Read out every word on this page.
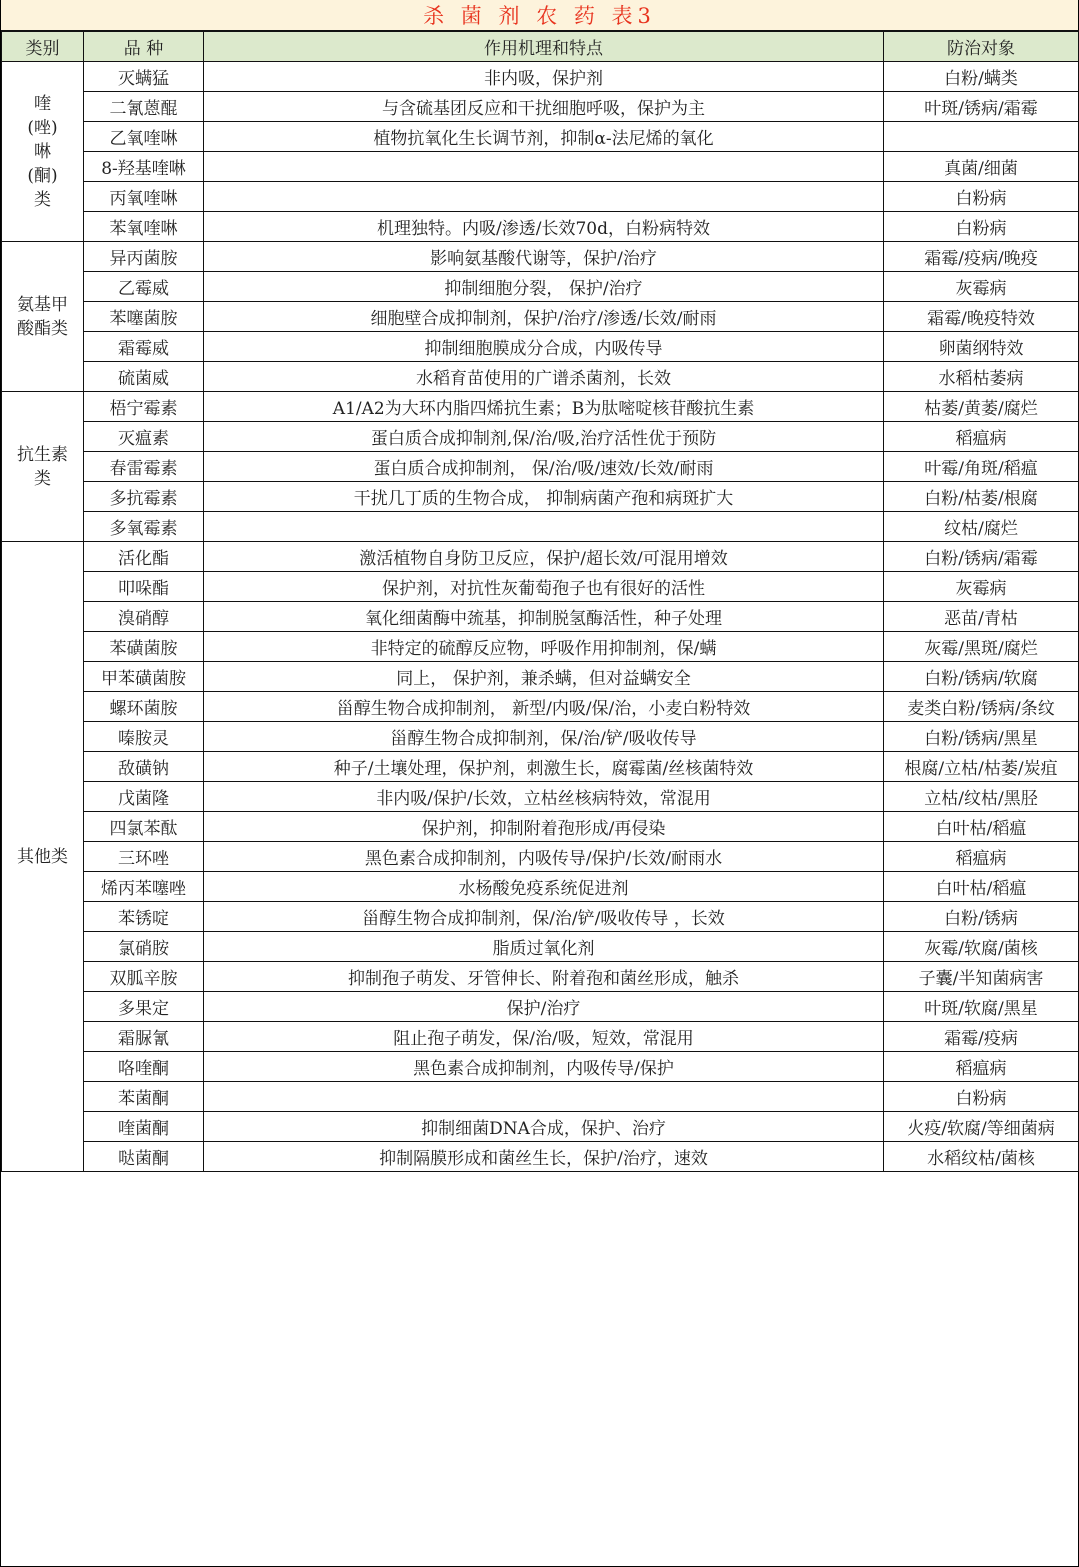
杀 菌 剂 农 药 表3
类别	品 种	作用机理和特点	防治对象
喹
(唑)
啉
(酮)
类	灭螨猛	非内吸，保护剂	白粉/螨类
	二氰蒽醌	与含硫基团反应和干扰细胞呼吸，保护为主	叶斑/锈病/霜霉
	乙氧喹啉	植物抗氧化生长调节剂，抑制α-法尼烯的氧化	
	8-羟基喹啉		真菌/细菌
	丙氧喹啉		白粉病
	苯氧喹啉	机理独特。内吸/渗透/长效70d，白粉病特效	白粉病
氨基甲
酸酯类	异丙菌胺	影响氨基酸代谢等，保护/治疗	霜霉/疫病/晚疫
	乙霉威	抑制细胞分裂， 保护/治疗	灰霉病
	苯噻菌胺	细胞壁合成抑制剂，保护/治疗/渗透/长效/耐雨	霜霉/晚疫特效
	霜霉威	抑制细胞膜成分合成，内吸传导	卵菌纲特效
	硫菌威	水稻育苗使用的广谱杀菌剂，长效	水稻枯萎病
抗生素
类	梧宁霉素	A1/A2为大环内脂四烯抗生素；B为肽嘧啶核苷酸抗生素	枯萎/黄萎/腐烂
	灭瘟素	蛋白质合成抑制剂,保/治/吸,治疗活性优于预防	稻瘟病
	春雷霉素	蛋白质合成抑制剂， 保/治/吸/速效/长效/耐雨	叶霉/角斑/稻瘟
	多抗霉素	干扰几丁质的生物合成， 抑制病菌产孢和病斑扩大	白粉/枯萎/根腐
	多氧霉素		纹枯/腐烂
其他类	活化酯	激活植物自身防卫反应，保护/超长效/可混用增效	白粉/锈病/霜霉
	叩哚酯	保护剂，对抗性灰葡萄孢子也有很好的活性	灰霉病
	溴硝醇	氧化细菌酶中巯基，抑制脱氢酶活性，种子处理	恶苗/青枯
	苯磺菌胺	非特定的硫醇反应物，呼吸作用抑制剂，保/螨	灰霉/黑斑/腐烂
	甲苯磺菌胺	同上， 保护剂，兼杀螨，但对益螨安全	白粉/锈病/软腐
	螺环菌胺	甾醇生物合成抑制剂， 新型/内吸/保/治，小麦白粉特效	麦类白粉/锈病/条纹
	嗪胺灵	甾醇生物合成抑制剂，保/治/铲/吸收传导	白粉/锈病/黑星
	敌磺钠	种子/土壤处理，保护剂，刺激生长，腐霉菌/丝核菌特效	根腐/立枯/枯萎/炭疽
	戊菌隆	非内吸/保护/长效，立枯丝核病特效，常混用	立枯/纹枯/黑胫
	四氯苯酞	保护剂，抑制附着孢形成/再侵染	白叶枯/稻瘟
	三环唑	黑色素合成抑制剂，内吸传导/保护/长效/耐雨水	稻瘟病
	烯丙苯噻唑	水杨酸免疫系统促进剂	白叶枯/稻瘟
	苯锈啶	甾醇生物合成抑制剂，保/治/铲/吸收传导 ，长效	白粉/锈病
	氯硝胺	脂质过氧化剂	灰霉/软腐/菌核
	双胍辛胺	抑制孢子萌发、牙管伸长、附着孢和菌丝形成，触杀	子囊/半知菌病害
	多果定	保护/治疗	叶斑/软腐/黑星
	霜脲氰	阻止孢子萌发，保/治/吸，短效，常混用	霜霉/疫病
	咯喹酮	黑色素合成抑制剂，内吸传导/保护	稻瘟病
	苯菌酮		白粉病
	喹菌酮	抑制细菌DNA合成，保护、治疗	火疫/软腐/等细菌病
	哒菌酮	抑制隔膜形成和菌丝生长，保护/治疗，速效	水稻纹枯/菌核
